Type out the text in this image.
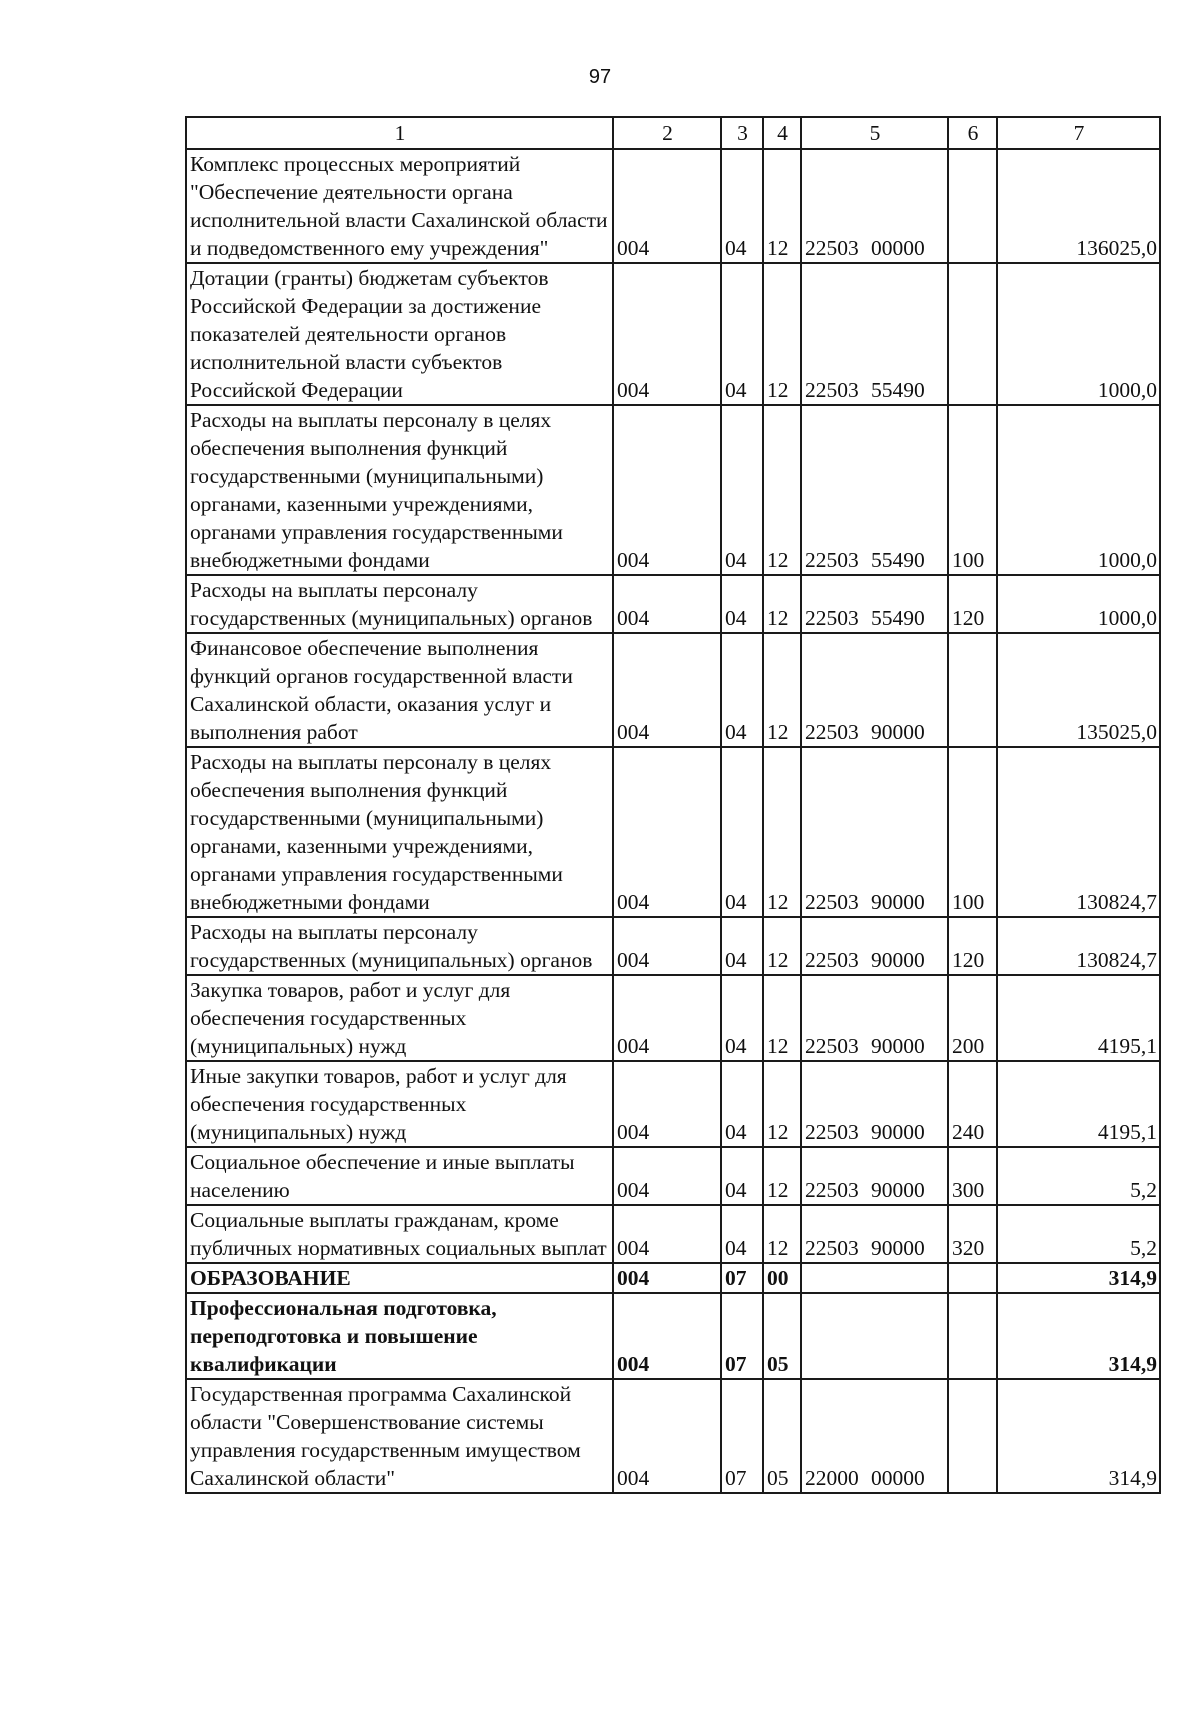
97
1	2	3	4	5	6	7
Комплекс процессных мероприятий "Обеспечение деятельности органа исполнительной власти Сахалинской области и подведомственного ему учреждения"	004	04	12	22503 00000		136025,0
Дотации (гранты) бюджетам субъектов Российской Федерации за достижение показателей деятельности органов исполнительной власти субъектов Российской Федерации	004	04	12	22503 55490		1000,0
Расходы на выплаты персоналу в целях обеспечения выполнения функций государственными (муниципальными) органами, казенными учреждениями, органами управления государственными внебюджетными фондами	004	04	12	22503 55490	100	1000,0
Расходы на выплаты персоналу государственных (муниципальных) органов	004	04	12	22503 55490	120	1000,0
Финансовое обеспечение выполнения функций органов государственной власти Сахалинской области, оказания услуг и выполнения работ	004	04	12	22503 90000		135025,0
Расходы на выплаты персоналу в целях обеспечения выполнения функций государственными (муниципальными) органами, казенными учреждениями, органами управления государственными внебюджетными фондами	004	04	12	22503 90000	100	130824,7
Расходы на выплаты персоналу государственных (муниципальных) органов	004	04	12	22503 90000	120	130824,7
Закупка товаров, работ и услуг для обеспечения государственных (муниципальных) нужд	004	04	12	22503 90000	200	4195,1
Иные закупки товаров, работ и услуг для обеспечения государственных (муниципальных) нужд	004	04	12	22503 90000	240	4195,1
Социальное обеспечение и иные выплаты населению	004	04	12	22503 90000	300	5,2
Социальные выплаты гражданам, кроме публичных нормативных социальных выплат	004	04	12	22503 90000	320	5,2
ОБРАЗОВАНИЕ	004	07	00			314,9
Профессиональная подготовка, переподготовка и повышение квалификации	004	07	05			314,9
Государственная программа Сахалинской области "Совершенствование системы управления государственным имуществом Сахалинской области"	004	07	05	22000 00000		314,9
